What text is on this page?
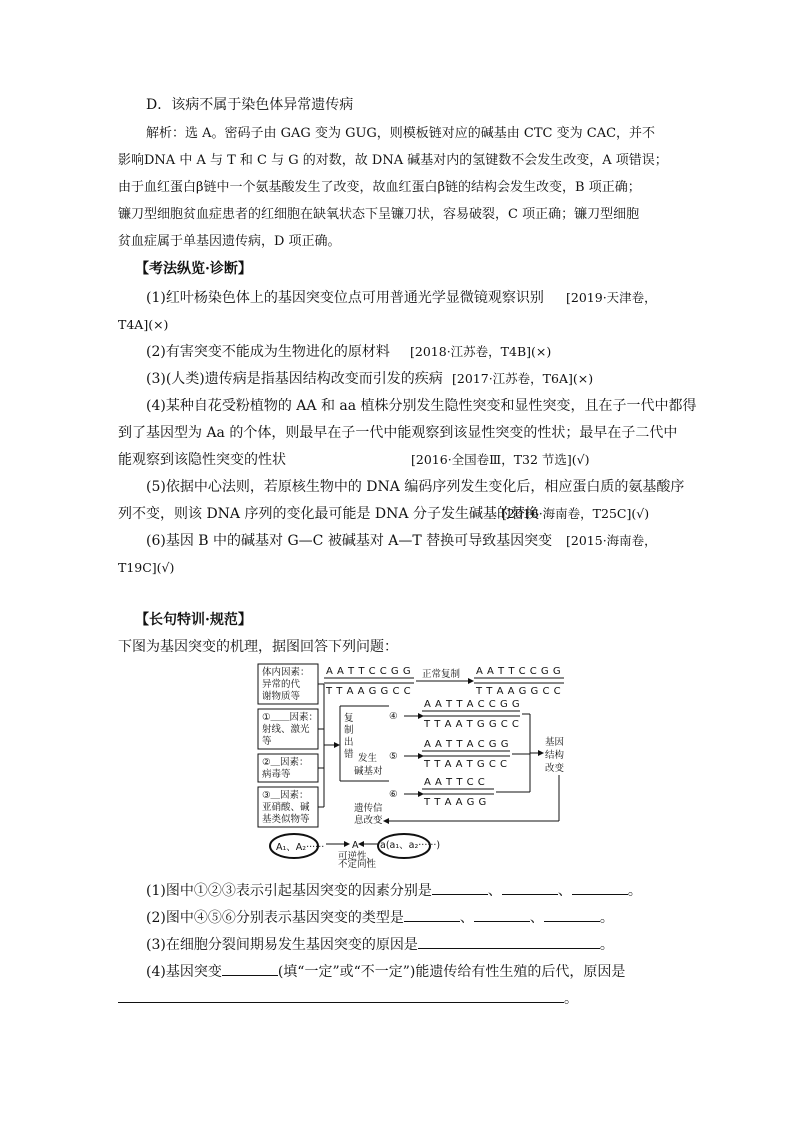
D．该病不属于染色体异常遗传病
解析：选 A。密码子由 GAG 变为 GUG，则模板链对应的碱基由 CTC 变为 CAC，并不
影响DNA 中 A 与 T 和 C 与 G 的对数，故 DNA 碱基对内的氢键数不会发生改变，A 项错误；
由于血红蛋白β链中一个氨基酸发生了改变，故血红蛋白β链的结构会发生改变，B 项正确；
镰刀型细胞贫血症患者的红细胞在缺氧状态下呈镰刀状，容易破裂，C 项正确；镰刀型细胞
贫血症属于单基因遗传病，D 项正确。
【考法纵览·诊断】
(1)红叶杨染色体上的基因突变位点可用普通光学显微镜观察识别 [2019·天津卷，
T4A](×)
(2)有害突变不能成为生物进化的原材料 [2018·江苏卷，T4B](×)
(3)(人类)遗传病是指基因结构改变而引发的疾病 [2017·江苏卷，T6A](×)
(4)某种自花受粉植物的 AA 和 aa 植株分别发生隐性突变和显性突变，且在子一代中都得
到了基因型为 Aa 的个体，则最早在子一代中能观察到该显性突变的性状；最早在子二代中
能观察到该隐性突变的性状	[2016·全国卷Ⅲ，T32 节选](√)
(5)依据中心法则，若原核生物中的 DNA 编码序列发生变化后，相应蛋白质的氨基酸序
列不变，则该 DNA 序列的变化最可能是 DNA 分子发生碱基的替换
[2016·海南卷，T25C](√)
(6)基因 B 中的碱基对 G—C 被碱基对 A—T 替换可导致基因突变 [2015·海南卷，
T19C](√)
【长句特训·规范】
下图为基因突变的机理，据图回答下列问题：
体内因素：
异常的代
谢物质等
①＿＿因素：
射线、激光
等
②＿因素：
病毒等
③＿因素：
亚硝酸、碱
基类似物等
A A T T C C G G
T T A A G G C C
正常复制 A A T T C C G G
T T A A G G C C
复
制
出
错 发生
碱基对
④
A A T T A C C G G
T T A A T G G C C
⑤
A A T T A C G G
T T A A T G C C
⑥
A A T T C C
T T A A G G
基因
结构
改变
遗传信
息改变
A₁、A₂······	A a(a₁、a₂······)
可逆性、
不定向性
(1)图中①②③表示引起基因突变的因素分别是	、	、	。
(2)图中④⑤⑥分别表示基因突变的类型是	、	、	。
(3)在细胞分裂间期易发生基因突变的原因是	。
(4)基因突变	(填“一定”或“不一定”)能遗传给有性生殖的后代，原因是
。
